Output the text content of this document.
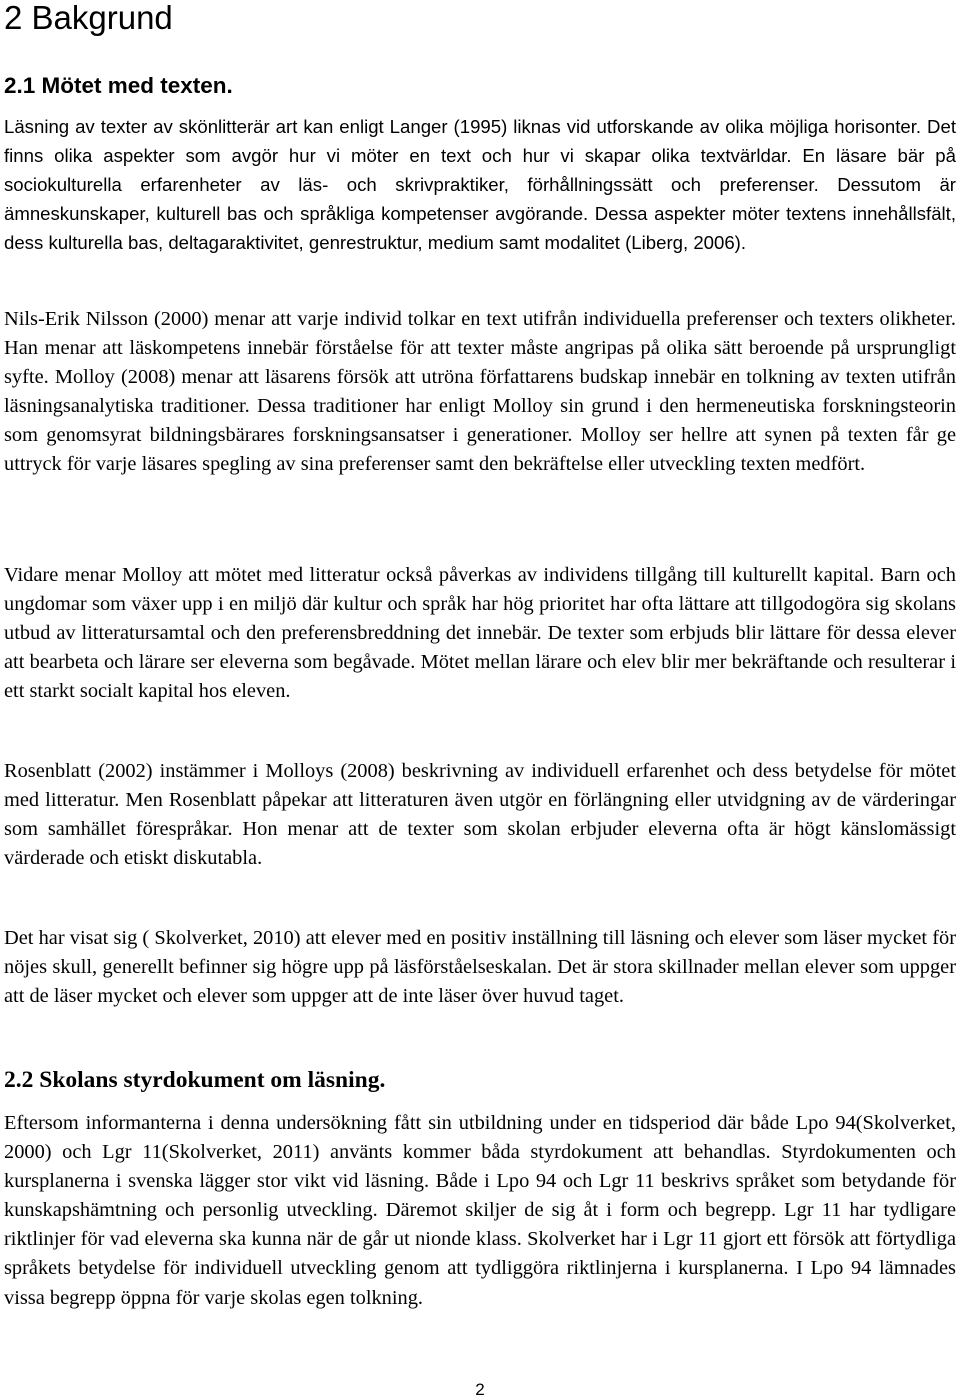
2 Bakgrund
2.1 Mötet med texten.

Läsning av texter av skönlitterär art kan enligt Langer (1995) liknas vid utforskande av olika möjliga horisonter. Det finns olika aspekter som avgör hur vi möter en text och hur vi skapar olika textvärldar. En läsare bär på sociokulturella erfarenheter av läs- och skrivpraktiker, förhållningssätt och preferenser. Dessutom är ämneskunskaper, kulturell bas och språkliga kompetenser avgörande. Dessa aspekter möter textens innehållsfält, dess kulturella bas, deltagaraktivitet, genrestruktur, medium samt modalitet (Liberg, 2006).

Nils-Erik Nilsson (2000) menar att varje individ tolkar en text utifrån individuella preferenser och texters olikheter. Han menar att läskompetens innebär förståelse för att texter måste angripas på olika sätt beroende på ursprungligt syfte. Molloy (2008) menar att läsarens försök att utröna författarens budskap innebär en tolkning av texten utifrån läsningsanalytiska traditioner. Dessa traditioner har enligt Molloy sin grund i den hermeneutiska forskningsteorin som genomsyrat bildningsbärares forskningsansatser i generationer. Molloy ser hellre att synen på texten får ge uttryck för varje läsares spegling av sina preferenser samt den bekräftelse eller utveckling texten medfört.

Vidare menar Molloy att mötet med litteratur också påverkas av individens tillgång till kulturellt kapital. Barn och ungdomar som växer upp i en miljö där kultur och språk har hög prioritet har ofta lättare att tillgodogöra sig skolans utbud av litteratursamtal och den preferensbreddning det innebär. De texter som erbjuds blir lättare för dessa elever att bearbeta och lärare ser eleverna som begåvade. Mötet mellan lärare och elev blir mer bekräftande och resulterar i ett starkt socialt kapital hos eleven.

Rosenblatt (2002) instämmer i Molloys (2008) beskrivning av individuell erfarenhet och dess betydelse för mötet med litteratur. Men Rosenblatt påpekar att litteraturen även utgör en förlängning eller utvidgning av de värderingar som samhället förespråkar. Hon menar att de texter som skolan erbjuder eleverna ofta är högt känslomässigt värderade och etiskt diskutabla.

Det har visat sig ( Skolverket, 2010) att elever med en positiv inställning till läsning och elever som läser mycket för nöjes skull, generellt befinner sig högre upp på läsförståelseskalan. Det är stora skillnader mellan elever som uppger att de läser mycket och elever som uppger att de inte läser över huvud taget.

2.2 Skolans styrdokument om läsning.

Eftersom informanterna i denna undersökning fått sin utbildning under en tidsperiod där både Lpo 94(Skolverket, 2000) och Lgr 11(Skolverket, 2011) använts kommer båda styrdokument att behandlas. Styrdokumenten och kursplanerna i svenska lägger stor vikt vid läsning. Både i Lpo 94 och Lgr 11 beskrivs språket som betydande för kunskapshämtning och personlig utveckling. Däremot skiljer de sig åt i form och begrepp. Lgr 11 har tydligare riktlinjer för vad eleverna ska kunna när de går ut nionde klass. Skolverket har i Lgr 11 gjort ett försök att förtydliga språkets betydelse för individuell utveckling genom att tydliggöra riktlinjerna i kursplanerna. I Lpo 94 lämnades vissa begrepp öppna för varje skolas egen tolkning.

2
